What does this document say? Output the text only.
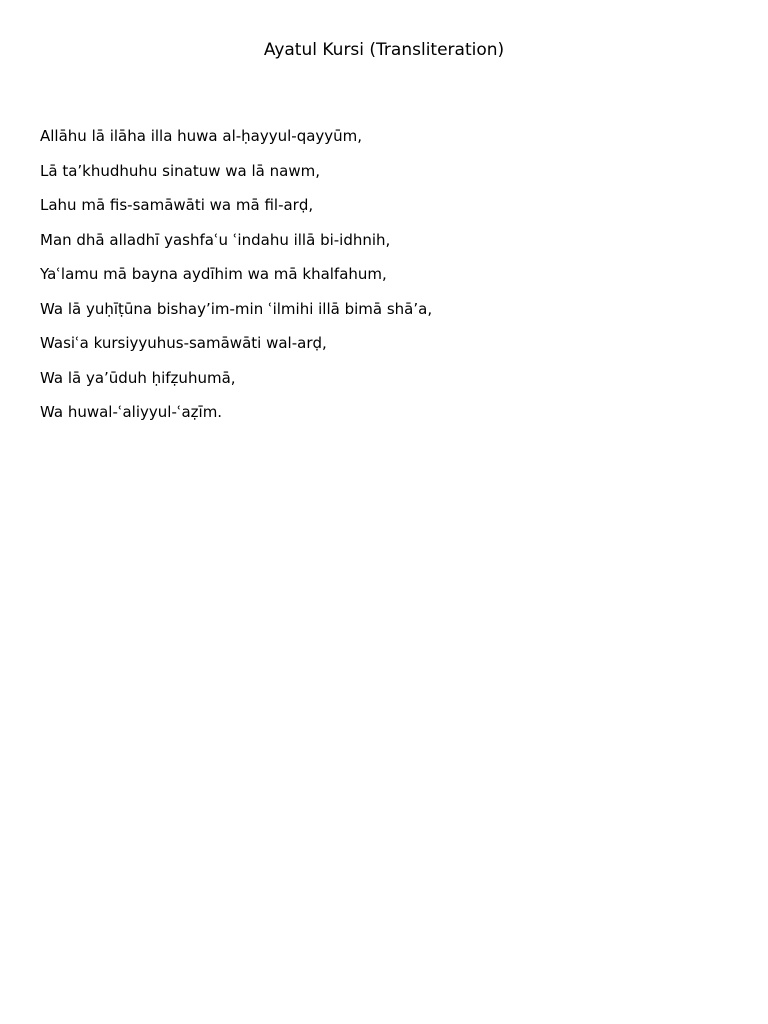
Ayatul Kursi (Transliteration)
Allāhu lā ilāha illa huwa al-ḥayyul-qayyūm,
Lā taʼkhudhuhu sinatuw wa lā nawm,
Lahu mā fis-samāwāti wa mā fil-arḍ,
Man dhā alladhī yashfaʿu ʿindahu illā bi-idhnih,
Yaʿlamu mā bayna aydīhim wa mā khalfahum,
Wa lā yuḥīṭūna bishayʼim-min ʿilmihi illā bimā shāʼa,
Wasiʿa kursiyyuhus-samāwāti wal-arḍ,
Wa lā yaʼūduh ḥifẓuhumā,
Wa huwal-ʿaliyyul-ʿaẓīm.
